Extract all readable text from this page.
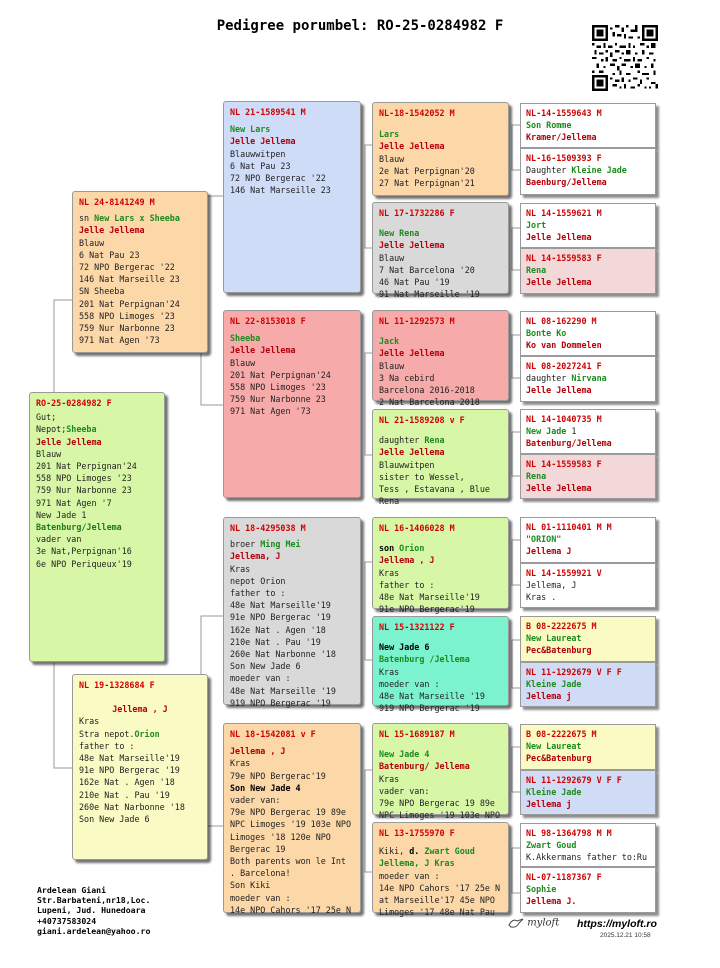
Pedigree porumbel: RO-25-0284982 F
RO-25-0284982 F
Gut;
Nepot;Sheeba
Jelle Jellema
Blauw
201 Nat Perpignan'24
558 NPO Limoges '23
759 Nur Narbonne 23
971 Nat Agen '7
New Jade 1
Batenburg/Jellema
vader van
3e Nat,Perpignan'16
6e NPO Periqueux'19
NL 24-8141249 M
sn New Lars x Sheeba
Jelle Jellema
Blauw
6 Nat Pau 23
72 NPO Bergerac '22
146 Nat Marseille 23
SN Sheeba
201 Nat Perpignan'24
558 NPO Limoges '23
759 Nur Narbonne 23
971 Nat Agen '73
NL 19-1328684 F
Jellema , J
Kras
Stra nepot.Orion
father to :
48e Nat Marseille'19
91e NPO Bergerac '19
162e Nat . Agen '18
210e Nat . Pau '19
260e Nat Narbonne '18
Son New Jade 6
NL 21-1589541 M
New Lars
Jelle Jellema
Blauwwitpen
6 Nat Pau 23
72 NPO Bergerac '22
146 Nat Marseille 23
NL 22-8153018 F
Sheeba
Jelle Jellema
Blauw
201 Nat Perpignan'24
558 NPO Limoges '23
759 Nur Narbonne 23
971 Nat Agen '73
NL 18-4295038 M
broer Ming Mei
Jellema, J
Kras
nepot Orion
father to :
48e Nat Marseille'19
91e NPO Bergerac '19
162e Nat . Agen '18
210e Nat . Pau '19
260e Nat Narbonne '18
Son New Jade 6
moeder van :
48e Nat Marseille '19
919 NPO Bergerac '19
NL 18-1542081 v F
Jellema , J
Kras
79e NPO Bergerac'19
Son New Jade 4
vader van:
79e NPO Bergerac 19 89e NPC Limoges '19 103e NPO Limoges '18 120e NPO Bergerac 19
Both parents won le Int . Barcelona!
Son Kiki
moeder van :
14e NPO Cahors '17 25e N
NL-18-1542052 M
Lars
Jelle Jellema
Blauw
2e Nat Perpignan'20
27 Nat Perpignan'21
NL 17-1732286 F
New Rena
Jelle Jellema
Blauw
7 Nat Barcelona '20
46 Nat Pau '19
91 Nat Marseille '19
NL 11-1292573 M
Jack
Jelle Jellema
Blauw
3 Na cebird
Barcelona 2016-2018
2 Nat Barcelona 2018
NL 21-1589208 v F
daughter Rena
Jelle Jellema
Blauwwitpen
sister to Wessel,
Tess , Estavana , Blue
Rena
NL 16-1406028 M
son Orion
Jellema , J
Kras
father to :
48e Nat Marseille'19
91e NPO Bergerac'19
NL 15-1321122 F
New Jade 6
Batenburg /Jellema
Kras
moeder van :
48e Nat Marseille '19
919 NPO Bergerac '19
NL 15-1689187 M
New Jade 4
Batenburg/ Jellema
Kras
vader van:
79e NPO Bergerac 19 89e
NPC Limoges '19 103e NPO
NL 13-1755970 F
Kiki, d. Zwart Goud Jellema, J Kras
moeder van :
14e NPO Cahors '17 25e N
at Marseille'17 45e NPO
Limoges '17 48e Nat Pau
NL-14-1559643 M
Son Romme
Kramer/Jellema
NL-16-1509393 F
Daughter Kleine Jade
Baenburg/Jellema
NL 14-1559621 M
Jort
Jelle Jellema
NL 14-1559583 F
Rena
Jelle Jellema
NL 08-162290 M
Bonte Ko
Ko van Dommelen
NL 08-2027241 F
daughter Nirvana
Jelle Jellema
NL 14-1040735 M
New Jade 1
Batenburg/Jellema
NL 14-1559583 F
Rena
Jelle Jellema
NL 01-1110401 M M
"ORION"
Jellema J
NL 14-1559921 V
Jellema, J
Kras .
B 08-2222675 M
New Laureat
Pec&Batenburg
NL 11-1292679 V F F
Kleine Jade
Jellema j
B 08-2222675 M
New Laureat
Pec&Batenburg
NL 11-1292679 V F F
Kleine Jade
Jellema j
NL 98-1364798 M M
Zwart Goud
K.Akkermans father to:Ru
NL-07-1187367 F
Sophie
Jellema J.
Ardelean Giani
Str.Barbateni,nr18,Loc.
Lupeni, Jud. Hunedoara
+40737583024
giani.ardelean@yahoo.ro
myloft https://myloft.ro
2025.12.21 10:58
